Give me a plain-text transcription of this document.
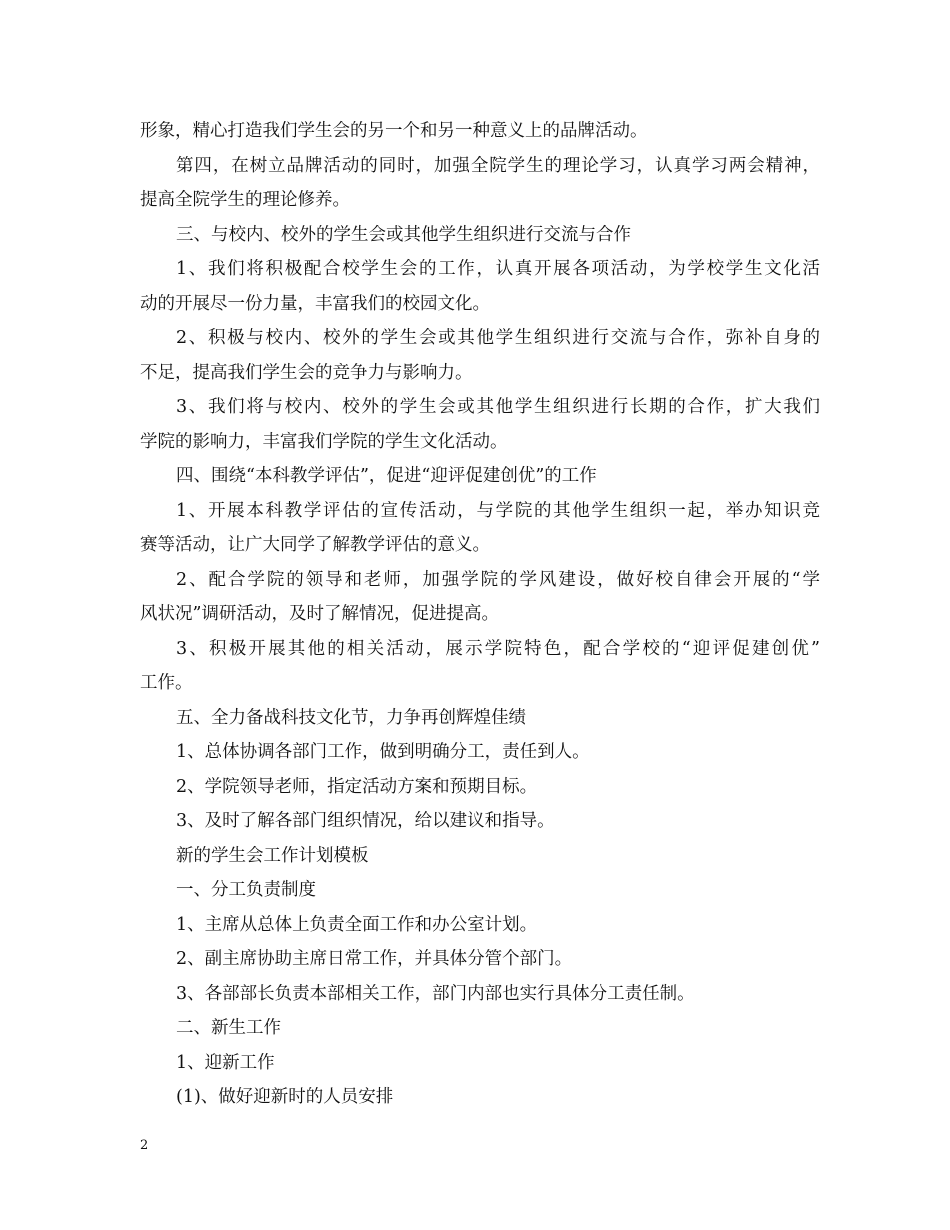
形象，精心打造我们学生会的另一个和另一种意义上的品牌活动。
第四，在树立品牌活动的同时，加强全院学生的理论学习，认真学习两会精神，
提高全院学生的理论修养。
三、与校内、校外的学生会或其他学生组织进行交流与合作
1、我们将积极配合校学生会的工作，认真开展各项活动，为学校学生文化活
动的开展尽一份力量，丰富我们的校园文化。
2、积极与校内、校外的学生会或其他学生组织进行交流与合作，弥补自身的
不足，提高我们学生会的竞争力与影响力。
3、我们将与校内、校外的学生会或其他学生组织进行长期的合作，扩大我们
学院的影响力，丰富我们学院的学生文化活动。
四、围绕“本科教学评估”，促进“迎评促建创优”的工作
1、开展本科教学评估的宣传活动，与学院的其他学生组织一起，举办知识竞
赛等活动，让广大同学了解教学评估的意义。
2、配合学院的领导和老师，加强学院的学风建设，做好校自律会开展的“学
风状况”调研活动，及时了解情况，促进提高。
3、积极开展其他的相关活动，展示学院特色，配合学校的“迎评促建创优”
工作。
五、全力备战科技文化节，力争再创辉煌佳绩
1、总体协调各部门工作，做到明确分工，责任到人。
2、学院领导老师，指定活动方案和预期目标。
3、及时了解各部门组织情况，给以建议和指导。
新的学生会工作计划模板
一、分工负责制度
1、主席从总体上负责全面工作和办公室计划。
2、副主席协助主席日常工作，并具体分管个部门。
3、各部部长负责本部相关工作，部门内部也实行具体分工责任制。
二、新生工作
1、迎新工作
(1)、做好迎新时的人员安排
2
